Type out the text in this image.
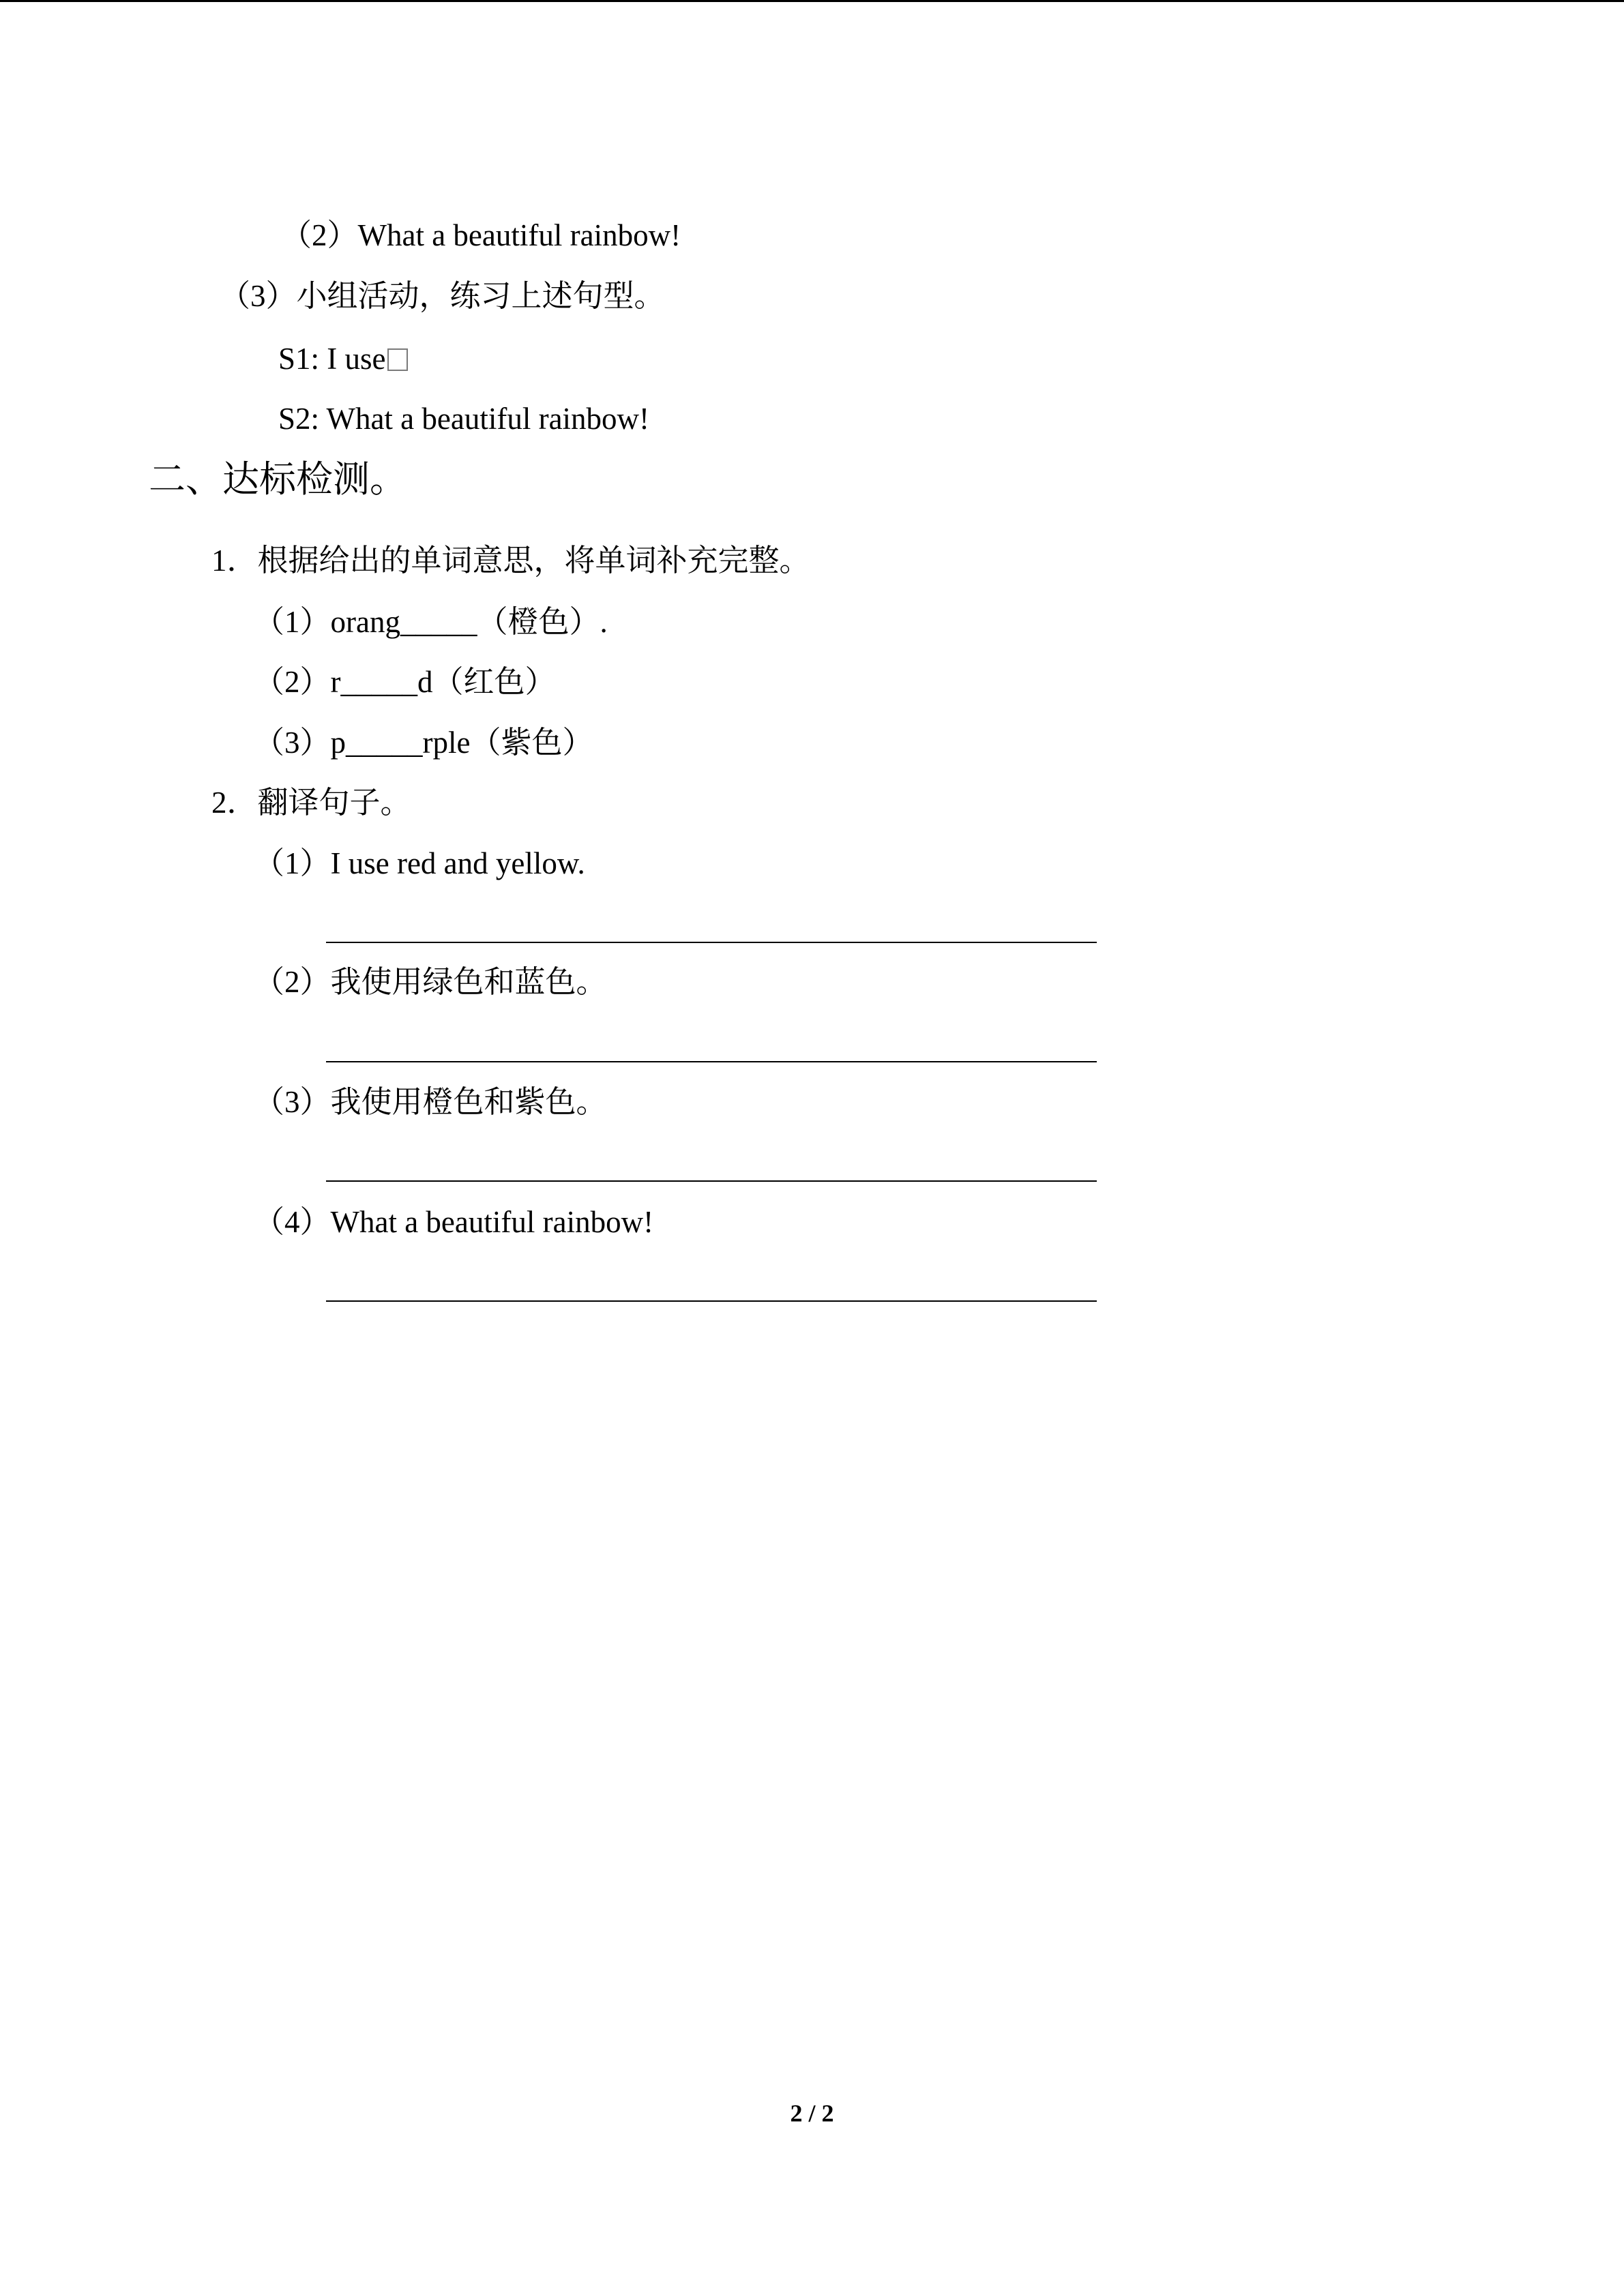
（2）What a beautiful rainbow!
（3）小组活动，练习上述句型。
S1: I use
S2: What a beautiful rainbow!
二、达标检测。
1．根据给出的单词意思，将单词补充完整。
（1）orang_____（橙色）.
（2）r_____d（红色）
（3）p_____rple（紫色）
2．翻译句子。
（1）I use red and yellow.
（2）我使用绿色和蓝色。
（3）我使用橙色和紫色。
（4）What a beautiful rainbow!
2 / 2
